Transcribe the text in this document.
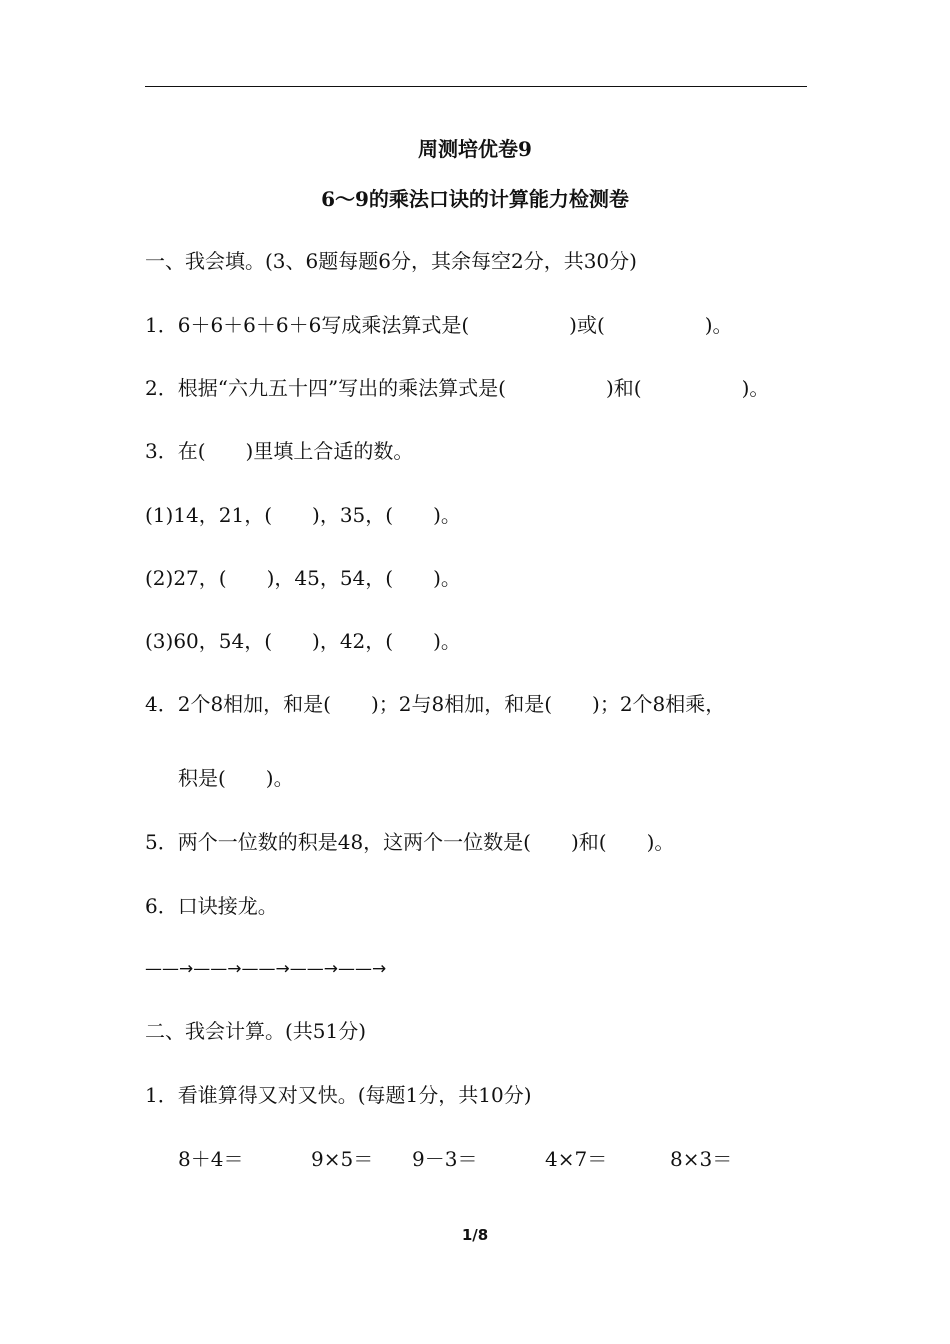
周测培优卷9
6～9的乘法口诀的计算能力检测卷
一、我会填。(3、6题每题6分，其余每空2分，共30分)
1．6＋6＋6＋6＋6写成乘法算式是(　　　　　)或(　　　　　)。
2．根据“六九五十四”写出的乘法算式是(　　　　　)和(　　　　　)。
3．在(　　)里填上合适的数。
(1)14，21，(　　)，35，(　　)。
(2)27，(　　)，45，54，(　　)。
(3)60，54，(　　)，42，(　　)。
4．2个8相加，和是(　　)；2与8相加，和是(　　)；2个8相乘，
积是(　　)。
5．两个一位数的积是48，这两个一位数是(　　)和(　　)。
6．口诀接龙。
——→——→——→——→——→
二、我会计算。(共51分)
1．看谁算得又对又快。(每题1分，共10分)
8＋4＝	9×5＝ 9－3＝	4×7＝	8×3＝
1/8
